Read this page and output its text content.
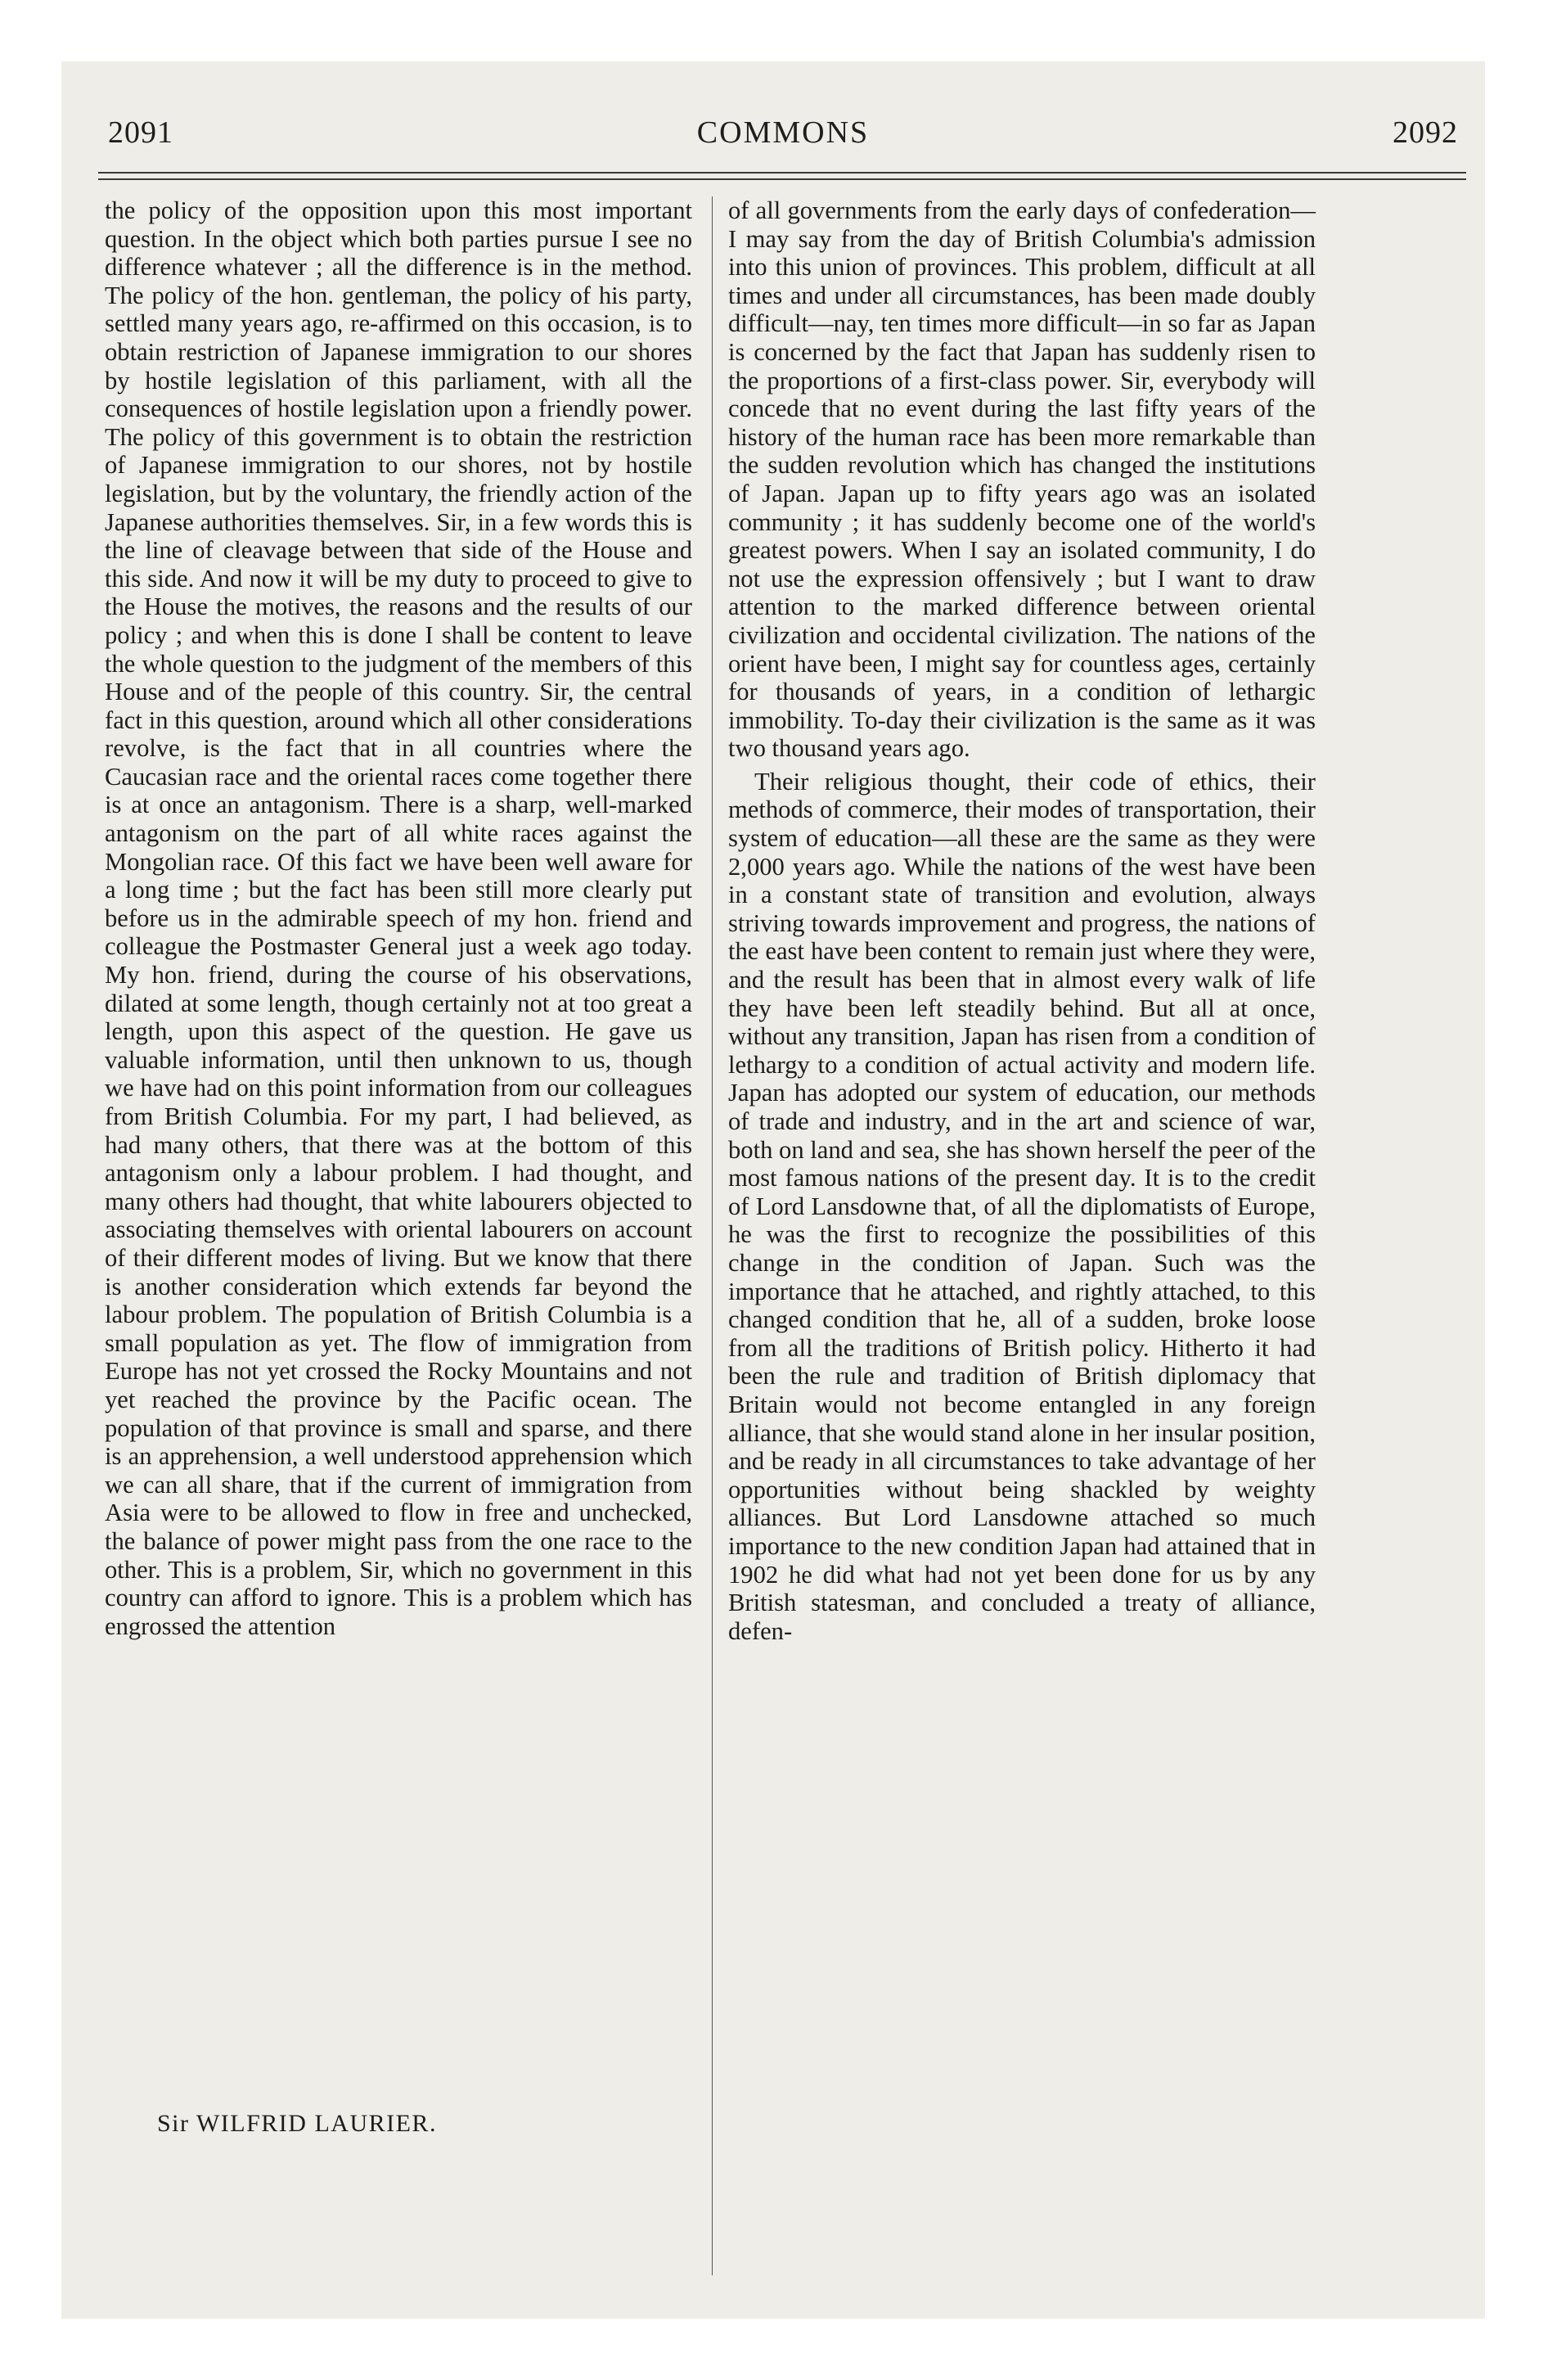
2091	COMMONS	2092

the policy of the opposition upon this most important question. In the object which both parties pursue I see no difference whatever ; all the difference is in the method. The policy of the hon. gentleman, the policy of his party, settled many years ago, re-affirmed on this occasion, is to obtain restriction of Japanese immigration to our shores by hostile legislation of this parliament, with all the consequences of hostile legislation upon a friendly power. The policy of this government is to obtain the restriction of Japanese immigration to our shores, not by hostile legislation, but by the voluntary, the friendly action of the Japanese authorities themselves. Sir, in a few words this is the line of cleavage between that side of the House and this side. And now it will be my duty to proceed to give to the House the motives, the reasons and the results of our policy ; and when this is done I shall be content to leave the whole question to the judgment of the members of this House and of the people of this country. Sir, the central fact in this question, around which all other considerations revolve, is the fact that in all countries where the Caucasian race and the oriental races come together there is at once an antagonism. There is a sharp, well-marked antagonism on the part of all white races against the Mongolian race. Of this fact we have been well aware for a long time ; but the fact has been still more clearly put before us in the admirable speech of my hon. friend and colleague the Postmaster General just a week ago today. My hon. friend, during the course of his observations, dilated at some length, though certainly not at too great a length, upon this aspect of the question. He gave us valuable information, until then unknown to us, though we have had on this point information from our colleagues from British Columbia. For my part, I had believed, as had many others, that there was at the bottom of this antagonism only a labour problem. I had thought, and many others had thought, that white labourers objected to associating themselves with oriental labourers on account of their different modes of living. But we know that there is another consideration which extends far beyond the labour problem. The population of British Columbia is a small population as yet. The flow of immigration from Europe has not yet crossed the Rocky Mountains and not yet reached the province by the Pacific ocean. The population of that province is small and sparse, and there is an apprehension, a well understood apprehension which we can all share, that if the current of immigration from Asia were to be allowed to flow in free and unchecked, the balance of power might pass from the one race to the other. This is a problem, Sir, which no government in this country can afford to ignore. This is a problem which has engrossed the attention

of all governments from the early days of confederation—I may say from the day of British Columbia's admission into this union of provinces. This problem, difficult at all times and under all circumstances, has been made doubly difficult—nay, ten times more difficult—in so far as Japan is concerned by the fact that Japan has suddenly risen to the proportions of a first-class power. Sir, everybody will concede that no event during the last fifty years of the history of the human race has been more remarkable than the sudden revolution which has changed the institutions of Japan. Japan up to fifty years ago was an isolated community ; it has suddenly become one of the world's greatest powers. When I say an isolated community, I do not use the expression offensively ; but I want to draw attention to the marked difference between oriental civilization and occidental civilization. The nations of the orient have been, I might say for countless ages, certainly for thousands of years, in a condition of lethargic immobility. To-day their civilization is the same as it was two thousand years ago.

Their religious thought, their code of ethics, their methods of commerce, their modes of transportation, their system of education—all these are the same as they were 2,000 years ago. While the nations of the west have been in a constant state of transition and evolution, always striving towards improvement and progress, the nations of the east have been content to remain just where they were, and the result has been that in almost every walk of life they have been left steadily behind. But all at once, without any transition, Japan has risen from a condition of lethargy to a condition of actual activity and modern life. Japan has adopted our system of education, our methods of trade and industry, and in the art and science of war, both on land and sea, she has shown herself the peer of the most famous nations of the present day. It is to the credit of Lord Lansdowne that, of all the diplomatists of Europe, he was the first to recognize the possibilities of this change in the condition of Japan. Such was the importance that he attached, and rightly attached, to this changed condition that he, all of a sudden, broke loose from all the traditions of British policy. Hitherto it had been the rule and tradition of British diplomacy that Britain would not become entangled in any foreign alliance, that she would stand alone in her insular position, and be ready in all circumstances to take advantage of her opportunities without being shackled by weighty alliances. But Lord Lansdowne attached so much importance to the new condition Japan had attained that in 1902 he did what had not yet been done for us by any British statesman, and concluded a treaty of alliance, defen-

Sir WILFRID LAURIER.
